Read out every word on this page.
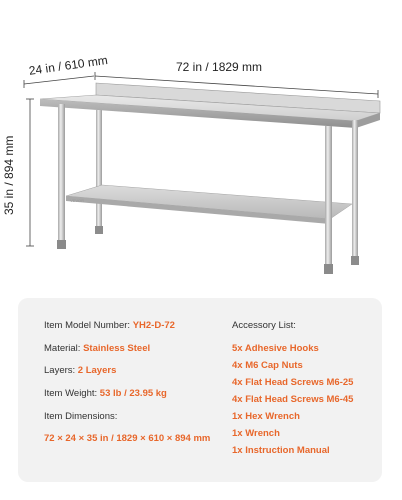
VEVOR
24 in / 610 mm	72 in / 1829 mm
35 in / 894 mm
Item Model Number: YH2-D-72
Material: Stainless Steel
Layers: 2 Layers
Item Weight: 53 lb / 23.95 kg
Item Dimensions:
72 × 24 × 35 in / 1829 × 610 × 894 mm
Accessory List:
5x Adhesive Hooks
4x M6 Cap Nuts
4x Flat Head Screws M6-25
4x Flat Head Screws M6-45
1x Hex Wrench
1x Wrench
1x Instruction Manual
